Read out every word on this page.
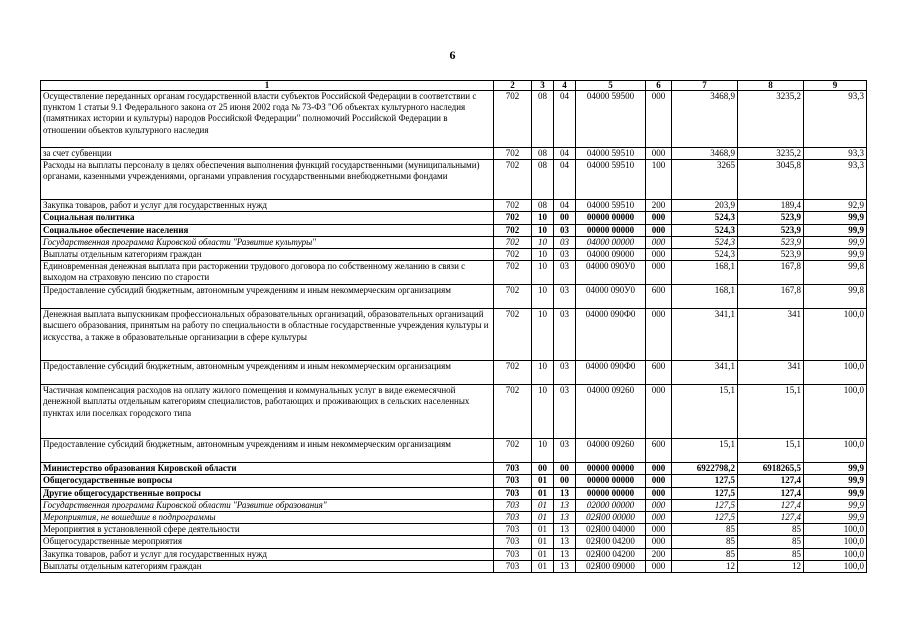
6
1	2	3	4	5	6	7	8	9
Осуществление переданных органам государственной власти субъектов Российской Федерации в соответствии с пунктом 1 статьи 9.1 Федерального закона от 25 июня 2002 года № 73-ФЗ "Об объектах культурного наследия (памятниках истории и культуры) народов Российской Федерации" полномочий Российской Федерации в отношении объектов культурного наследия	702	08	04	04000 59500	000	3468,9	3235,2	93,3
за счет субвенции	702	08	04	04000 59510	000	3468,9	3235,2	93,3
Расходы на выплаты персоналу в целях обеспечения выполнения функций государственными (муниципальными) органами, казенными учреждениями, органами управления государственными внебюджетными фондами	702	08	04	04000 59510	100	3265	3045,8	93,3
Закупка товаров, работ и услуг для государственных нужд	702	08	04	04000 59510	200	203,9	189,4	92,9
Социальная политика	702	10	00	00000 00000	000	524,3	523,9	99,9
Социальное обеспечение населения	702	10	03	00000 00000	000	524,3	523,9	99,9
Государственная программа Кировской области "Развитие культуры"	702	10	03	04000 00000	000	524,3	523,9	99,9
Выплаты отдельным категориям граждан	702	10	03	04000 09000	000	524,3	523,9	99,9
Единовременная денежная выплата при расторжении трудового договора по собственному желанию в связи с выходом на страховую пенсию по старости	702	10	03	04000 090У0	000	168,1	167,8	99,8
Предоставление субсидий бюджетным, автономным учреждениям и иным некоммерческим организациям	702	10	03	04000 090У0	600	168,1	167,8	99,8
Денежная выплата выпускникам профессиональных образовательных организаций, образовательных организаций высшего образования, принятым на работу по специальности в областные государственные учреждения культуры и искусства, а также в образовательные организации в сфере культуры	702	10	03	04000 090Ф0	000	341,1	341	100,0
Предоставление субсидий бюджетным, автономным учреждениям и иным некоммерческим организациям	702	10	03	04000 090Ф0	600	341,1	341	100,0
Частичная компенсация расходов на оплату жилого помещения и коммунальных услуг в виде ежемесячной денежной выплаты отдельным категориям специалистов, работающих и проживающих в сельских населенных пунктах или поселках городского типа	702	10	03	04000 09260	000	15,1	15,1	100,0
Предоставление субсидий бюджетным, автономным учреждениям и иным некоммерческим организациям	702	10	03	04000 09260	600	15,1	15,1	100,0
Министерство образования Кировской области	703	00	00	00000 00000	000	6922798,2	6918265,5	99,9
Общегосударственные вопросы	703	01	00	00000 00000	000	127,5	127,4	99,9
Другие общегосударственные вопросы	703	01	13	00000 00000	000	127,5	127,4	99,9
Государственная программа Кировской области "Развитие образования"	703	01	13	02000 00000	000	127,5	127,4	99,9
Мероприятия, не вошедшие в подпрограммы	703	01	13	02Я00 00000	000	127,5	127,4	99,9
Мероприятия в установленной сфере деятельности	703	01	13	02Я00 04000	000	85	85	100,0
Общегосударственные мероприятия	703	01	13	02Я00 04200	000	85	85	100,0
Закупка товаров, работ и услуг для государственных нужд	703	01	13	02Я00 04200	200	85	85	100,0
Выплаты отдельным категориям граждан	703	01	13	02Я00 09000	000	12	12	100,0
